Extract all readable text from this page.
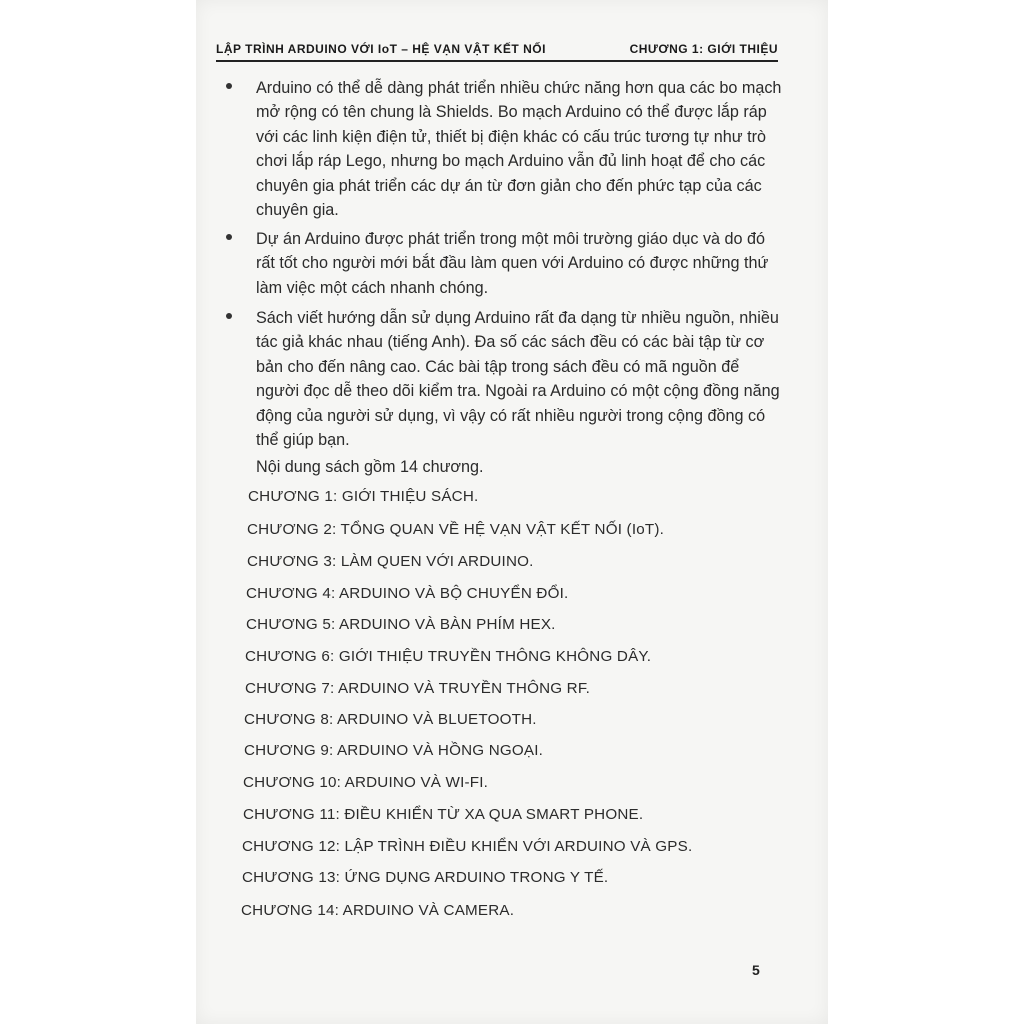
LẬP TRÌNH ARDUINO VỚI IoT – HỆ VẠN VẬT KẾT NỐI	CHƯƠNG 1: GIỚI THIỆU
Arduino có thể dễ dàng phát triển nhiều chức năng hơn qua các bo mạch mở rộng có tên chung là Shields. Bo mạch Arduino có thể được lắp ráp với các linh kiện điện tử, thiết bị điện khác có cấu trúc tương tự như trò chơi lắp ráp Lego, nhưng bo mạch Arduino vẫn đủ linh hoạt để cho các chuyên gia phát triển các dự án từ đơn giản cho đến phức tạp của các chuyên gia.
Dự án Arduino được phát triển trong một môi trường giáo dục và do đó rất tốt cho người mới bắt đầu làm quen với Arduino có được những thứ làm việc một cách nhanh chóng.
Sách viết hướng dẫn sử dụng Arduino rất đa dạng từ nhiều nguồn, nhiều tác giả khác nhau (tiếng Anh). Đa số các sách đều có các bài tập từ cơ bản cho đến nâng cao. Các bài tập trong sách đều có mã nguồn để người đọc dễ theo dõi kiểm tra. Ngoài ra Arduino có một cộng đồng năng động của người sử dụng, vì vậy có rất nhiều người trong cộng đồng có thể giúp bạn.
Nội dung sách gồm 14 chương.
CHƯƠNG 1: GIỚI THIỆU SÁCH.
CHƯƠNG 2: TỔNG QUAN VỀ HỆ VẠN VẬT KẾT NỐI (IoT).
CHƯƠNG 3: LÀM QUEN VỚI ARDUINO.
CHƯƠNG 4: ARDUINO VÀ BỘ CHUYỂN ĐỔI.
CHƯƠNG 5: ARDUINO VÀ BÀN PHÍM HEX.
CHƯƠNG 6: GIỚI THIỆU TRUYỀN THÔNG KHÔNG DÂY.
CHƯƠNG 7: ARDUINO VÀ TRUYỀN THÔNG RF.
CHƯƠNG 8: ARDUINO VÀ BLUETOOTH.
CHƯƠNG 9: ARDUINO VÀ HỒNG NGOẠI.
CHƯƠNG 10: ARDUINO VÀ WI-FI.
CHƯƠNG 11: ĐIỀU KHIỂN TỪ XA QUA SMART PHONE.
CHƯƠNG 12: LẬP TRÌNH ĐIỀU KHIỂN VỚI ARDUINO VÀ GPS.
CHƯƠNG 13: ỨNG DỤNG ARDUINO TRONG Y TẾ.
CHƯƠNG 14: ARDUINO VÀ CAMERA.
5
